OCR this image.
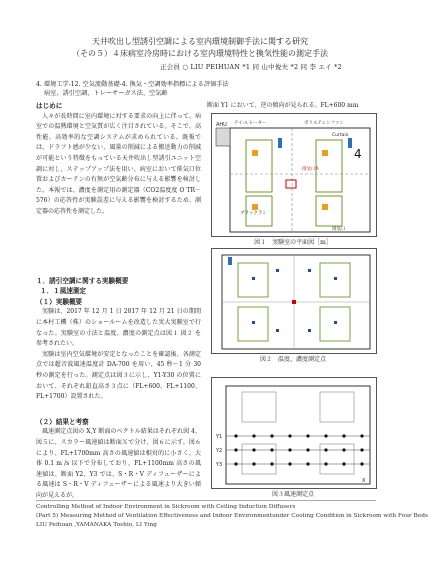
天井吹出し型誘引空調による室内環境制御手法に関する研究
（その５）４床病室冷房時における室内環境特性と換気性能の測定手法
正会員 ○ LIU PEIHUAN *1 同 山中俊夫 *2 同 李 エイ *2
4. 環境工学-12. 空気流動基礎-4. 換気・空調効率指標による評価手法
病室、誘引空調、トレーサーガス法、空気齢
はじめに
人々が長時間に室内環境に対する要求の向上に伴って、病室での温熱環境と空気質が広く注目されている。そこで、高性能、高効率的な空調システムが求められている。既報では、ドラフト感が少ない、風量の削減による搬送動力の削減が可能という特徴をもっている天井吹出し型誘引ユニット空調に対し、ステップアップ法を用い、病室において排気口位置およびカーテンの有無が空気齢分布に与える影響を検討した。本報では、濃度を測定用の測定器（CO2温度度 O TR－576）の応答性が実験誤差に与える影響を検討するため、測定器の応答性を測定した。
１．誘引空調に関する実験概要
１．１風速測定
（１）実験概要
実験は、2017 年 12 月 1 日 2017 年 12 月 21 日の期間に本村工機（株）のショールームを改造した実大実験室で行なった。実験室の寸法と温度、濃度の測定点は図１ 図２ を参考されたい。
実験は室内空気環境が安定となったことを確認後、各測定点では超音波風速温度計 DA-700 を用い、45 秒～1 分 30 秒の測定を行った。測定点は図３に示し、Y1-Y30 の位置において、それぞれ鉛直高さ３点に（FL+600、FL+1100、FL+1700）設置された。
（２）結果と考察
風速測定点図の X,Y 断面のベクトル結果はそれぞれ図 4、図５に、スカラー風速値は断面Ｘで分け、図６に示す。図６により、FL+1700mm 高さの風速値は相対的に小さく、大体 0.1 m /s 以下で分布しており、FL+1100mm 高さの風速値は、断面 Y2、Y3 では、S・R・V ディフューザーによる風速は S・R・V ディフューザーによる風速より大きい傾向が見えるが。
断面 Y1 において、逆の傾向が見られる。FL+600 mm
AHU テイ-ルヒーター	ポリステレンファン
Curtain
排気口A
ブラックラン
排気口
4
図１　実験室の平面図［m］
図２　温度、濃度測定点
Y1
Y2
Y3
X
図３風速測定点
Controlling Method of Indoor Environment in Sickroom with Ceiling Induction Diffusers
(Part 5) Measuring Method of Ventilation Effectiveness and Indoor Environmentunder Cooling Condition in Sickroom with Four Beds
LIU Peihuan ,YAMANAKA Toshio, LI Ying
